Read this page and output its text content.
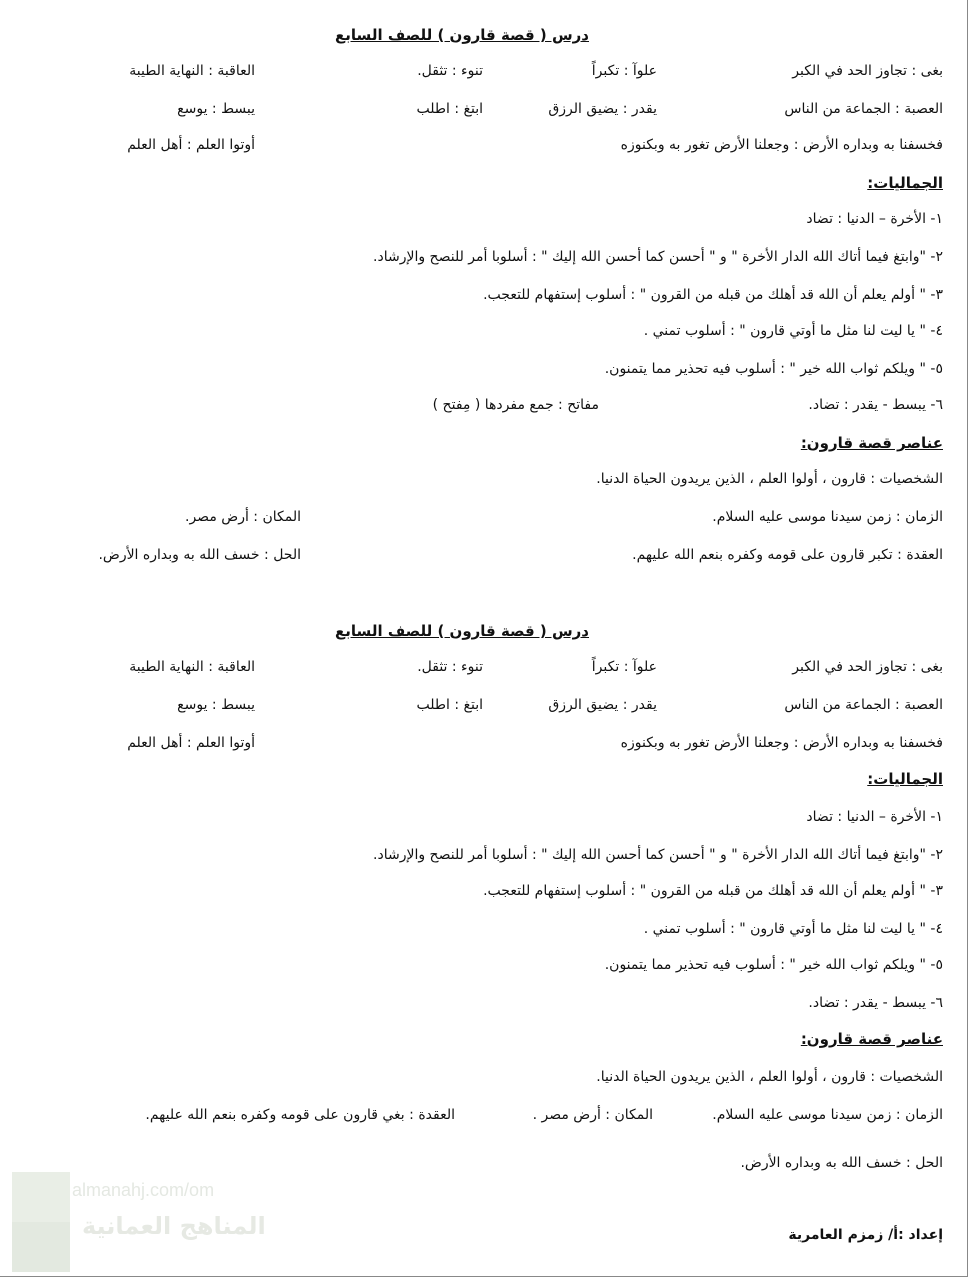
درس ( قصة قارون ) للصف السابع
بغى : تجاوز الحد في الكبر
علوآ : تكبراً
تنوء : تثقل.
العاقبة : النهاية الطيبة
العصبة : الجماعة من الناس
يقدر : يضيق الرزق
ابتغ : اطلب
يبسط : يوسع
فخسفنا به وبداره الأرض : وجعلنا الأرض تغور به وبكنوزه
أوتوا العلم : أهل العلم
الجماليات:
١- الأخرة – الدنيا : تضاد
٢- "وابتغ فيما أتاك الله الدار الأخرة " و " أحسن كما أحسن الله إليك " : أسلوبا أمر للنصح والإرشاد.
٣- " أولم يعلم أن الله قد أهلك من قبله من القرون " : أسلوب إستفهام للتعجب.
٤- " يا ليت لنا مثل ما أوتي قارون " : أسلوب تمني .
٥- " ويلكم ثواب الله خير " : أسلوب فيه تحذير مما يتمنون.
٦- يبسط - يقدر : تضاد.
مفاتح : جمع مفردها ( مِفتح )
عناصر قصة قارون:
الشخصيات : قارون ، أولوا العلم ، الذين يريدون الحياة الدنيا.
الزمان : زمن سيدنا موسى عليه السلام.
المكان : أرض مصر.
العقدة : تكبر قارون على قومه وكفره بنعم الله عليهم.
الحل : خسف الله به وبداره الأرض.
درس ( قصة قارون ) للصف السابع
بغى : تجاوز الحد في الكبر
علوآ : تكبراً
تنوء : تثقل.
العاقبة : النهاية الطيبة
العصبة : الجماعة من الناس
يقدر : يضيق الرزق
ابتغ : اطلب
يبسط : يوسع
فخسفنا به وبداره الأرض : وجعلنا الأرض تغور به وبكنوزه
أوتوا العلم : أهل العلم
الجماليات:
١- الأخرة – الدنيا : تضاد
٢- "وابتغ فيما أتاك الله الدار الأخرة " و " أحسن كما أحسن الله إليك " : أسلوبا أمر للنصح والإرشاد.
٣- " أولم يعلم أن الله قد أهلك من قبله من القرون " : أسلوب إستفهام للتعجب.
٤- " يا ليت لنا مثل ما أوتي قارون " : أسلوب تمني .
٥- " ويلكم ثواب الله خير " : أسلوب فيه تحذير مما يتمنون.
٦- يبسط - يقدر : تضاد.
عناصر قصة قارون:
الشخصيات : قارون ، أولوا العلم ، الذين يريدون الحياة الدنيا.
الزمان : زمن سيدنا موسى عليه السلام.
المكان : أرض مصر .
العقدة : بغي قارون على قومه وكفره بنعم الله عليهم.
الحل : خسف الله به وبداره الأرض.
almanahj.com/om
المناهج العمانية	إعداد :أ/ زمزم العامرية
